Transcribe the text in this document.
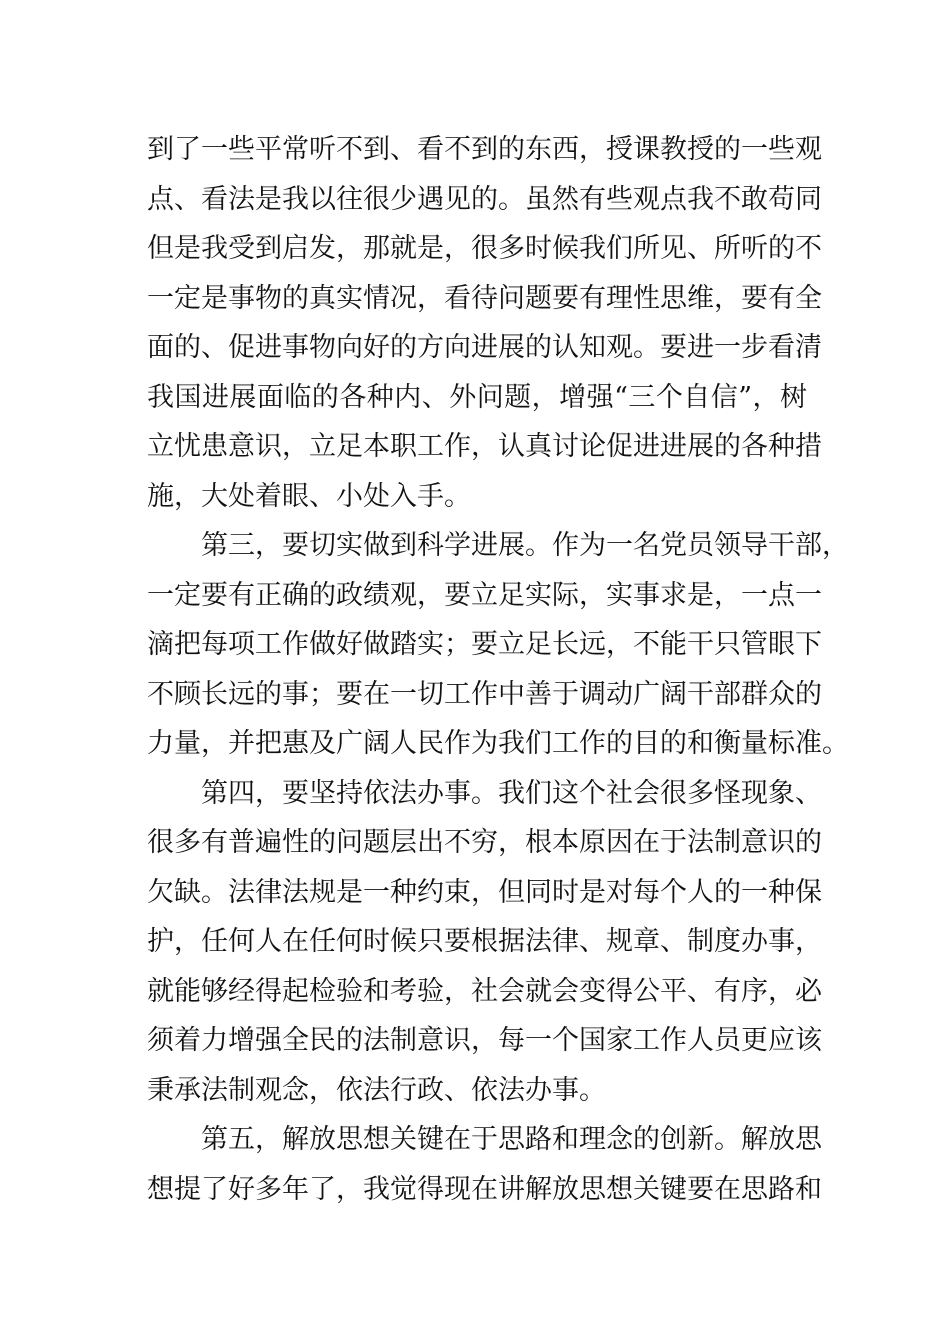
到了一些平常听不到、看不到的东西，授课教授的一些观
点、看法是我以往很少遇见的。虽然有些观点我不敢苟同
但是我受到启发，那就是，很多时候我们所见、所听的不
一定是事物的真实情况，看待问题要有理性思维，要有全
面的、促进事物向好的方向进展的认知观。要进一步看清
我国进展面临的各种内、外问题，增强“三个自信”，树
立忧患意识，立足本职工作，认真讨论促进进展的各种措
施，大处着眼、小处入手。
第三，要切实做到科学进展。作为一名党员领导干部，
一定要有正确的政绩观，要立足实际，实事求是，一点一
滴把每项工作做好做踏实；要立足长远，不能干只管眼下
不顾长远的事；要在一切工作中善于调动广阔干部群众的
力量，并把惠及广阔人民作为我们工作的目的和衡量标准。
第四，要坚持依法办事。我们这个社会很多怪现象、
很多有普遍性的问题层出不穷，根本原因在于法制意识的
欠缺。法律法规是一种约束，但同时是对每个人的一种保
护，任何人在任何时候只要根据法律、规章、制度办事，
就能够经得起检验和考验，社会就会变得公平、有序，必
须着力增强全民的法制意识，每一个国家工作人员更应该
秉承法制观念，依法行政、依法办事。
第五，解放思想关键在于思路和理念的创新。解放思
想提了好多年了，我觉得现在讲解放思想关键要在思路和
